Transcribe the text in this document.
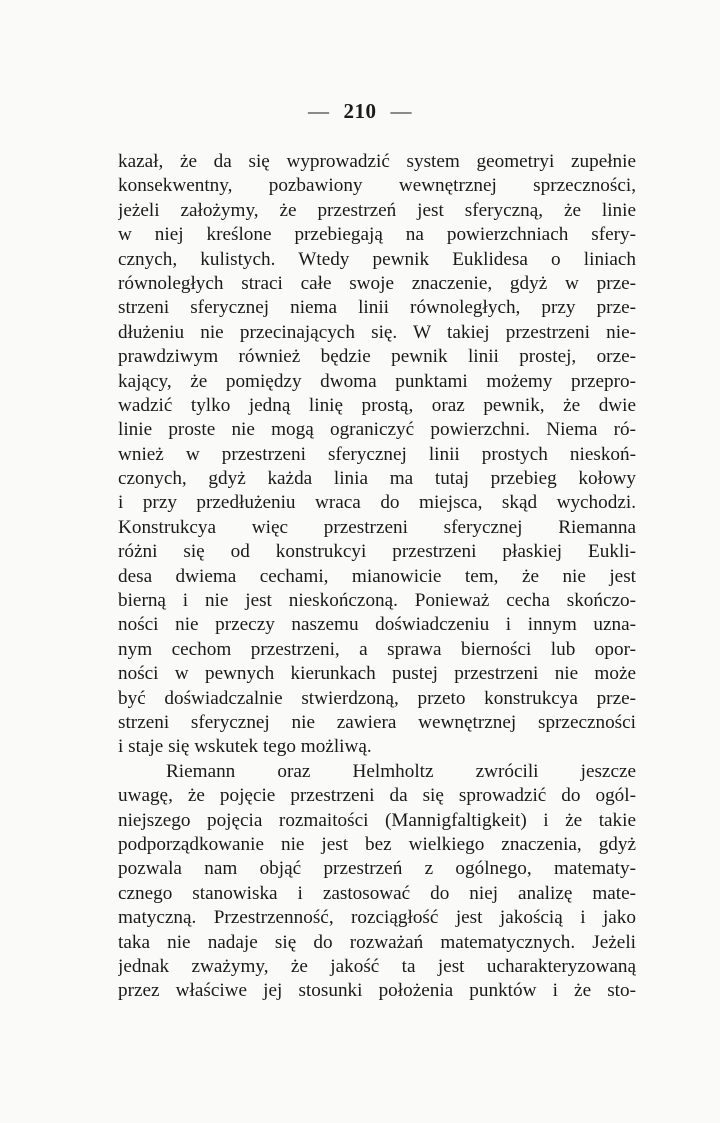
— 210 —
kazał, że da się wyprowadzić system geometryi zupełnie
konsekwentny, pozbawiony wewnętrznej sprzeczności,
jeżeli założymy, że przestrzeń jest sferyczną, że linie
w niej kreślone przebiegają na powierzchniach sfery-
cznych, kulistych. Wtedy pewnik Euklidesa o liniach
równoległych straci całe swoje znaczenie, gdyż w prze-
strzeni sferycznej niema linii równoległych, przy prze-
dłużeniu nie przecinających się. W takiej przestrzeni nie-
prawdziwym również będzie pewnik linii prostej, orze-
kający, że pomiędzy dwoma punktami możemy przepro-
wadzić tylko jedną linię prostą, oraz pewnik, że dwie
linie proste nie mogą ograniczyć powierzchni. Niema ró-
wnież w przestrzeni sferycznej linii prostych nieskoń-
czonych, gdyż każda linia ma tutaj przebieg kołowy
i przy przedłużeniu wraca do miejsca, skąd wychodzi.
Konstrukcya więc przestrzeni sferycznej Riemanna
różni się od konstrukcyi przestrzeni płaskiej Eukli-
desa dwiema cechami, mianowicie tem, że nie jest
bierną i nie jest nieskończoną. Ponieważ cecha skończo-
ności nie przeczy naszemu doświadczeniu i innym uzna-
nym cechom przestrzeni, a sprawa bierności lub opor-
ności w pewnych kierunkach pustej przestrzeni nie może
być doświadczalnie stwierdzoną, przeto konstrukcya prze-
strzeni sferycznej nie zawiera wewnętrznej sprzeczności
i staje się wskutek tego możliwą.
Riemann oraz Helmholtz zwrócili jeszcze
uwagę, że pojęcie przestrzeni da się sprowadzić do ogól-
niejszego pojęcia rozmaitości (Mannigfaltigkeit) i że takie
podporządkowanie nie jest bez wielkiego znaczenia, gdyż
pozwala nam objąć przestrzeń z ogólnego, matematy-
cznego stanowiska i zastosować do niej analizę mate-
matyczną. Przestrzenność, rozciągłość jest jakością i jako
taka nie nadaje się do rozważań matematycznych. Jeżeli
jednak zważymy, że jakość ta jest ucharakteryzowaną
przez właściwe jej stosunki położenia punktów i że sto-
